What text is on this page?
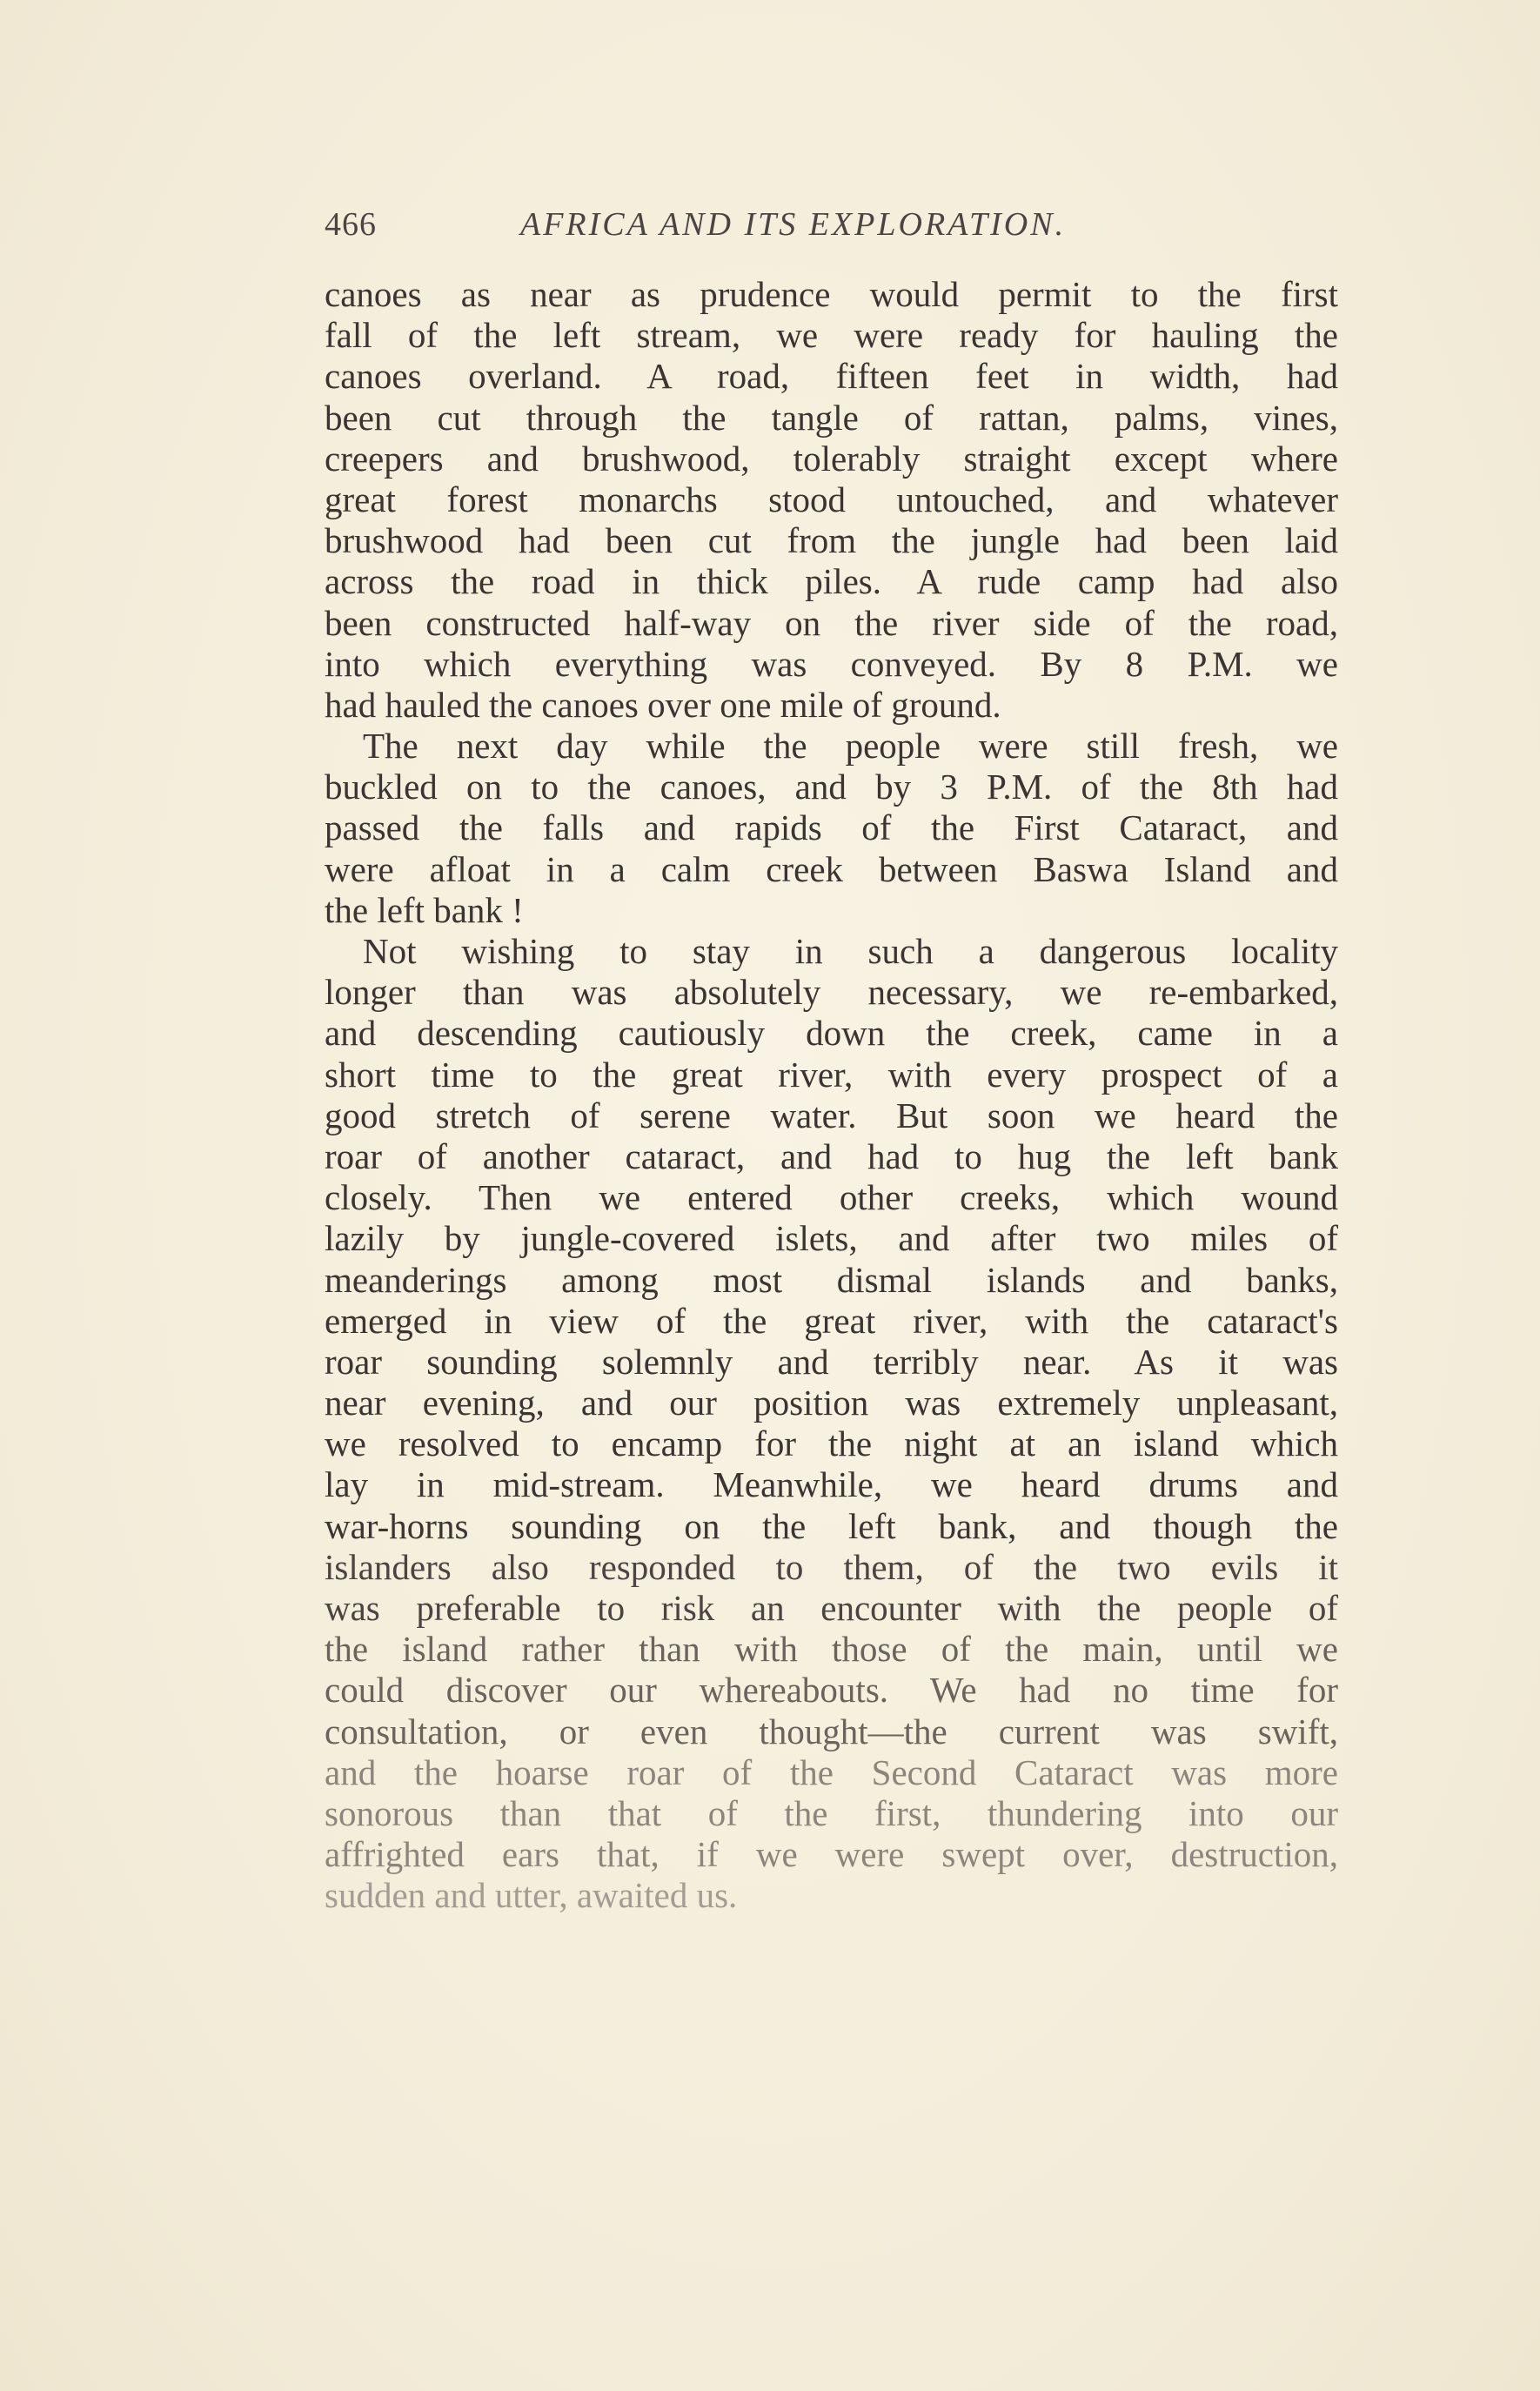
466	AFRICA AND ITS EXPLORATION.
canoes as near as prudence would permit to the first
fall of the left stream, we were ready for hauling the
canoes overland. A road, fifteen feet in width, had
been cut through the tangle of rattan, palms, vines,
creepers and brushwood, tolerably straight except where
great forest monarchs stood untouched, and whatever
brushwood had been cut from the jungle had been laid
across the road in thick piles. A rude camp had also
been constructed half-way on the river side of the road,
into which everything was conveyed. By 8 P.M. we
had hauled the canoes over one mile of ground.
The next day while the people were still fresh, we
buckled on to the canoes, and by 3 P.M. of the 8th had
passed the falls and rapids of the First Cataract, and
were afloat in a calm creek between Baswa Island and
the left bank !
Not wishing to stay in such a dangerous locality
longer than was absolutely necessary, we re-embarked,
and descending cautiously down the creek, came in a
short time to the great river, with every prospect of a
good stretch of serene water. But soon we heard the
roar of another cataract, and had to hug the left bank
closely. Then we entered other creeks, which wound
lazily by jungle-covered islets, and after two miles of
meanderings among most dismal islands and banks,
emerged in view of the great river, with the cataract's
roar sounding solemnly and terribly near. As it was
near evening, and our position was extremely unpleasant,
we resolved to encamp for the night at an island which
lay in mid-stream. Meanwhile, we heard drums and
war-horns sounding on the left bank, and though the
islanders also responded to them, of the two evils it
was preferable to risk an encounter with the people of
the island rather than with those of the main, until we
could discover our whereabouts. We had no time for
consultation, or even thought—the current was swift,
and the hoarse roar of the Second Cataract was more
sonorous than that of the first, thundering into our
affrighted ears that, if we were swept over, destruction,
sudden and utter, awaited us.
